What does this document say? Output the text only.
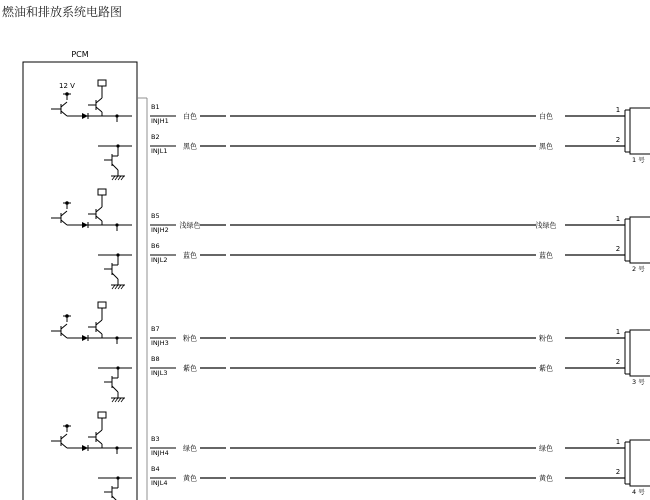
燃油和排放系统电路图
PCM
12 V
B1
INJH1
白色	白色
1
B2
INJL1
黑色	黑色
2
1 号
B5
INJH2
浅绿色	浅绿色
1
B6
INJL2
蓝色	蓝色
2
2 号
B7
INJH3
粉色	粉色
1
B8
INJL3
紫色	紫色
2
3 号
B3
INJH4
绿色	绿色
1
B4
INJL4
黄色	黄色
2
4 号
